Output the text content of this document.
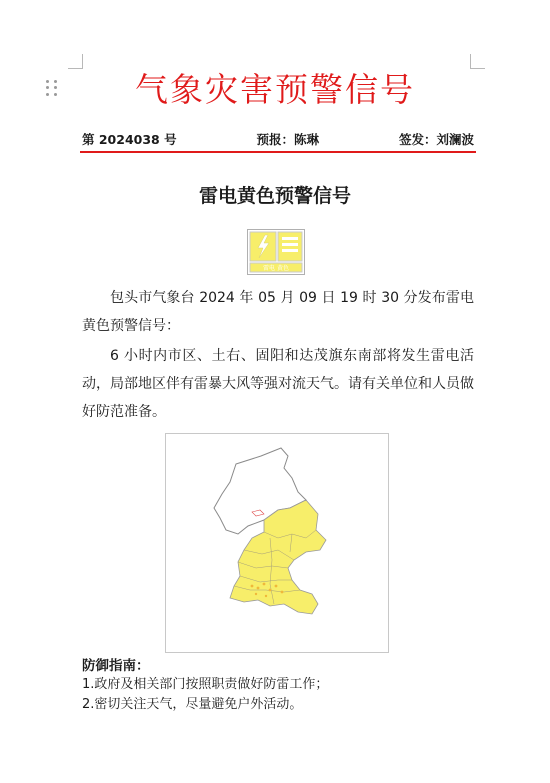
气象灾害预警信号
第 2024038 号	预报：陈琳	签发：刘澜波
雷电黄色预警信号
雷电 黄色

包头市气象台 2024 年 05 月 09 日 19 时 30 分发布雷电黄色预警信号：

6 小时内市区、土右、固阳和达茂旗东南部将发生雷电活动，局部地区伴有雷暴大风等强对流天气。请有关单位和人员做好防范准备。

防御指南：
1.政府及相关部门按照职责做好防雷工作；
2.密切关注天气，尽量避免户外活动。
